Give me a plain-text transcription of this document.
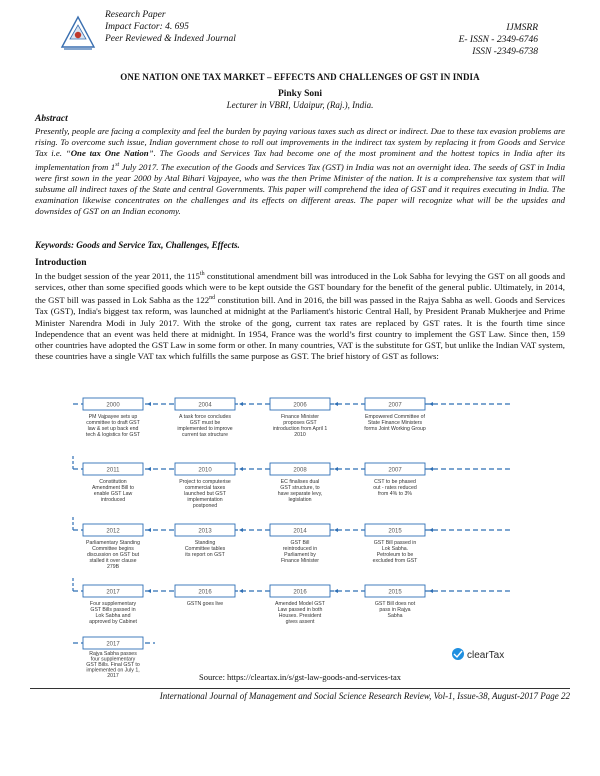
Research Paper
Impact Factor: 4. 695
Peer Reviewed & Indexed Journal
IJMSRR
E- ISSN - 2349-6746
ISSN -2349-6738
ONE NATION ONE TAX MARKET – EFFECTS AND CHALLENGES OF GST IN INDIA
Pinky Soni
Lecturer in VBRI, Udaipur, (Raj.), India.
Abstract
Presently, people are facing a complexity and feel the burden by paying various taxes such as direct or indirect. Due to these tax evasion problems are rising. To overcome such issue, Indian government chose to roll out improvements in the indirect tax system by replacing it from Goods and Service Tax i.e. “One tax One Nation”. The Goods and Services Tax had become one of the most prominent and the hottest topics in India after its implementation from 1st July 2017. The execution of the Goods and Services Tax (GST) in India was not an overnight idea. The seeds of GST in India were first sown in the year 2000 by Atal Bihari Vajpayee, who was the then Prime Minister of the nation. It is a comprehensive tax system that will subsume all indirect taxes of the State and central Governments. This paper will comprehend the idea of GST and it requires executing in India. The examination likewise concentrates on the challenges and its effects on different areas. The paper will recognize what will be the upsides and downsides of GST on an Indian economy.
Keywords: Goods and Service Tax, Challenges, Effects.
Introduction
In the budget session of the year 2011, the 115th constitutional amendment bill was introduced in the Lok Sabha for levying the GST on all goods and services, other than some specified goods which were to be kept outside the GST boundary for the benefit of the general public. Ultimately, in 2014, the GST bill was passed in Lok Sabha as the 122nd constitution bill. And in 2016, the bill was passed in the Rajya Sabha as well. Goods and Services Tax (GST), India's biggest tax reform, was launched at midnight at the Parliament's historic Central Hall, by President Pranab Mukherjee and Prime Minister Narendra Modi in July 2017. With the stroke of the gong, current tax rates are replaced by GST rates. It is the fourth time since Independence that an event was held there at midnight. In 1954, France was the world’s first country to implement the GST Law. Since then, 159 other countries have adopted the GST Law in some form or other. In many countries, VAT is the substitute for GST, but unlike the Indian VAT system, these countries have a single VAT tax which fulfills the same purpose as GST. The brief history of GST as follows:
2000
PM Vajpayee sets up
committee to draft GST
law & set up back end
tech & logistics for GST
2004
A task force concludes
GST must be
implemented to improve
current tax structure
2006
Finance Minister
proposes GST
introduction from April 1
2010
2007
Empowered Committee of
State Finance Ministers
forms Joint Working Group
2011
Constitution
Amendment Bill to
enable GST Law
introduced
2010
Project to computerise
commercial taxes
launched but GST
implementation
postponed
2008
EC finalises dual
GST structure, to
have separate levy,
legislation
2007
CST to be phased
out - rates reduced
from 4% to 3%
2012
Parliamentary Standing
Committee begins
discussion on GST but
stalled it over clause
279B
2013
Standing
Committee tables
its report on GST
2014
GST Bill
reintroduced in
Parliament by
Finance Minister
2015
GST Bill passed in
Lok Sabha.
Petroleum to be
excluded from GST
2017
Four supplementary
GST Bills passed in
Lok Sabha and
approved by Cabinet
2016
GSTN goes live
2016
Amended Model GST
Law passed in both
Houses. President
gives assent
2015
GST Bill does not
pass in Rajya
Sabha
2017
Rajya Sabha passes
four supplementary
GST Bills. Final GST to
implemented on July 1,
2017
clearTax
Source: https://cleartax.in/s/gst-law-goods-and-services-tax
International Journal of Management and Social Science Research Review, Vol-1, Issue-38, August-2017 Page 22
